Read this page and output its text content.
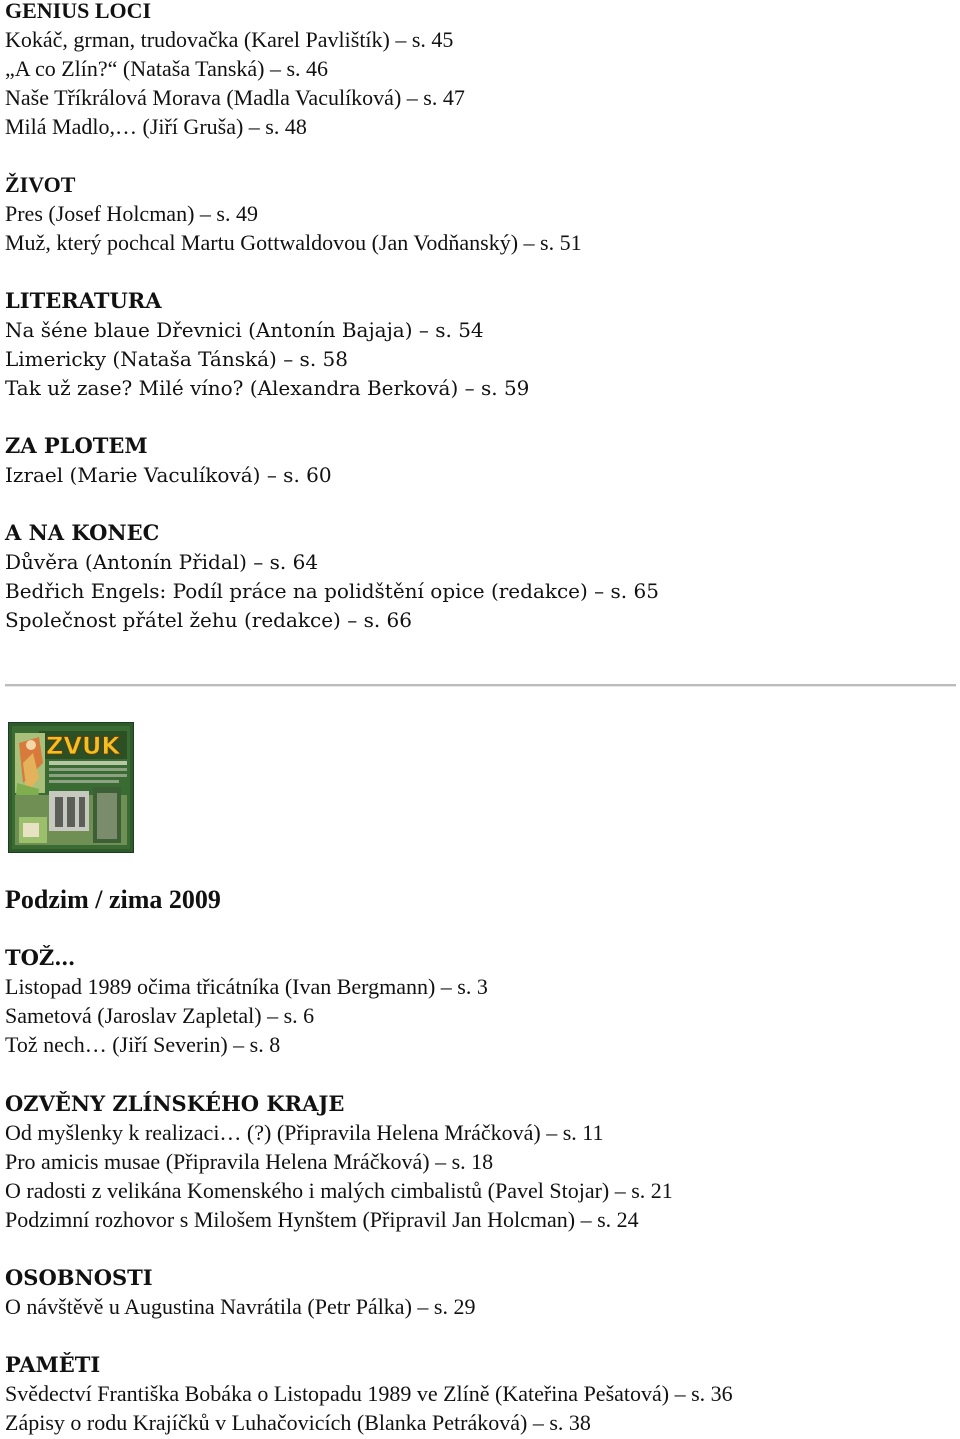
GENIUS LOCI
Kokáč, grman, trudovačka (Karel Pavlištík) – s. 45
„A co Zlín?“ (Nataša Tanská) – s. 46
Naše Tříkrálová Morava (Madla Vaculíková) – s. 47
Milá Madlo,… (Jiří Gruša) – s. 48
ŽIVOT
Pres (Josef Holcman) – s. 49
Muž, který pochcal Martu Gottwaldovou (Jan Vodňanský) – s. 51
LITERATURA
Na šéne blaue Dřevnici (Antonín Bajaja) – s. 54
Limericky (Nataša Tánská) – s. 58
Tak už zase? Milé víno? (Alexandra Berková) – s. 59
ZA PLOTEM
Izrael (Marie Vaculíková) – s. 60
A NA KONEC
Důvěra (Antonín Přidal) – s. 64
Bedřich Engels: Podíl práce na polidštění opice (redakce) – s. 65
Společnost přátel žehu (redakce) – s. 66
ZVUK
Podzim / zima 2009
TOŽ…
Listopad 1989 očima třicátníka (Ivan Bergmann) – s. 3
Sametová (Jaroslav Zapletal) – s. 6
Tož nech… (Jiří Severin) – s. 8
OZVĚNY ZLÍNSKÉHO KRAJE
Od myšlenky k realizaci… (?) (Připravila Helena Mráčková) – s. 11
Pro amicis musae (Připravila Helena Mráčková) – s. 18
O radosti z velikána Komenského i malých cimbalistů (Pavel Stojar) – s. 21
Podzimní rozhovor s Milošem Hynštem (Připravil Jan Holcman) – s. 24
OSOBNOSTI
O návštěvě u Augustina Navrátila (Petr Pálka) – s. 29
PAMĚTI
Svědectví Františka Bobáka o Listopadu 1989 ve Zlíně (Kateřina Pešatová) – s. 36
Zápisy o rodu Krajíčků v Luhačovicích (Blanka Petráková) – s. 38
